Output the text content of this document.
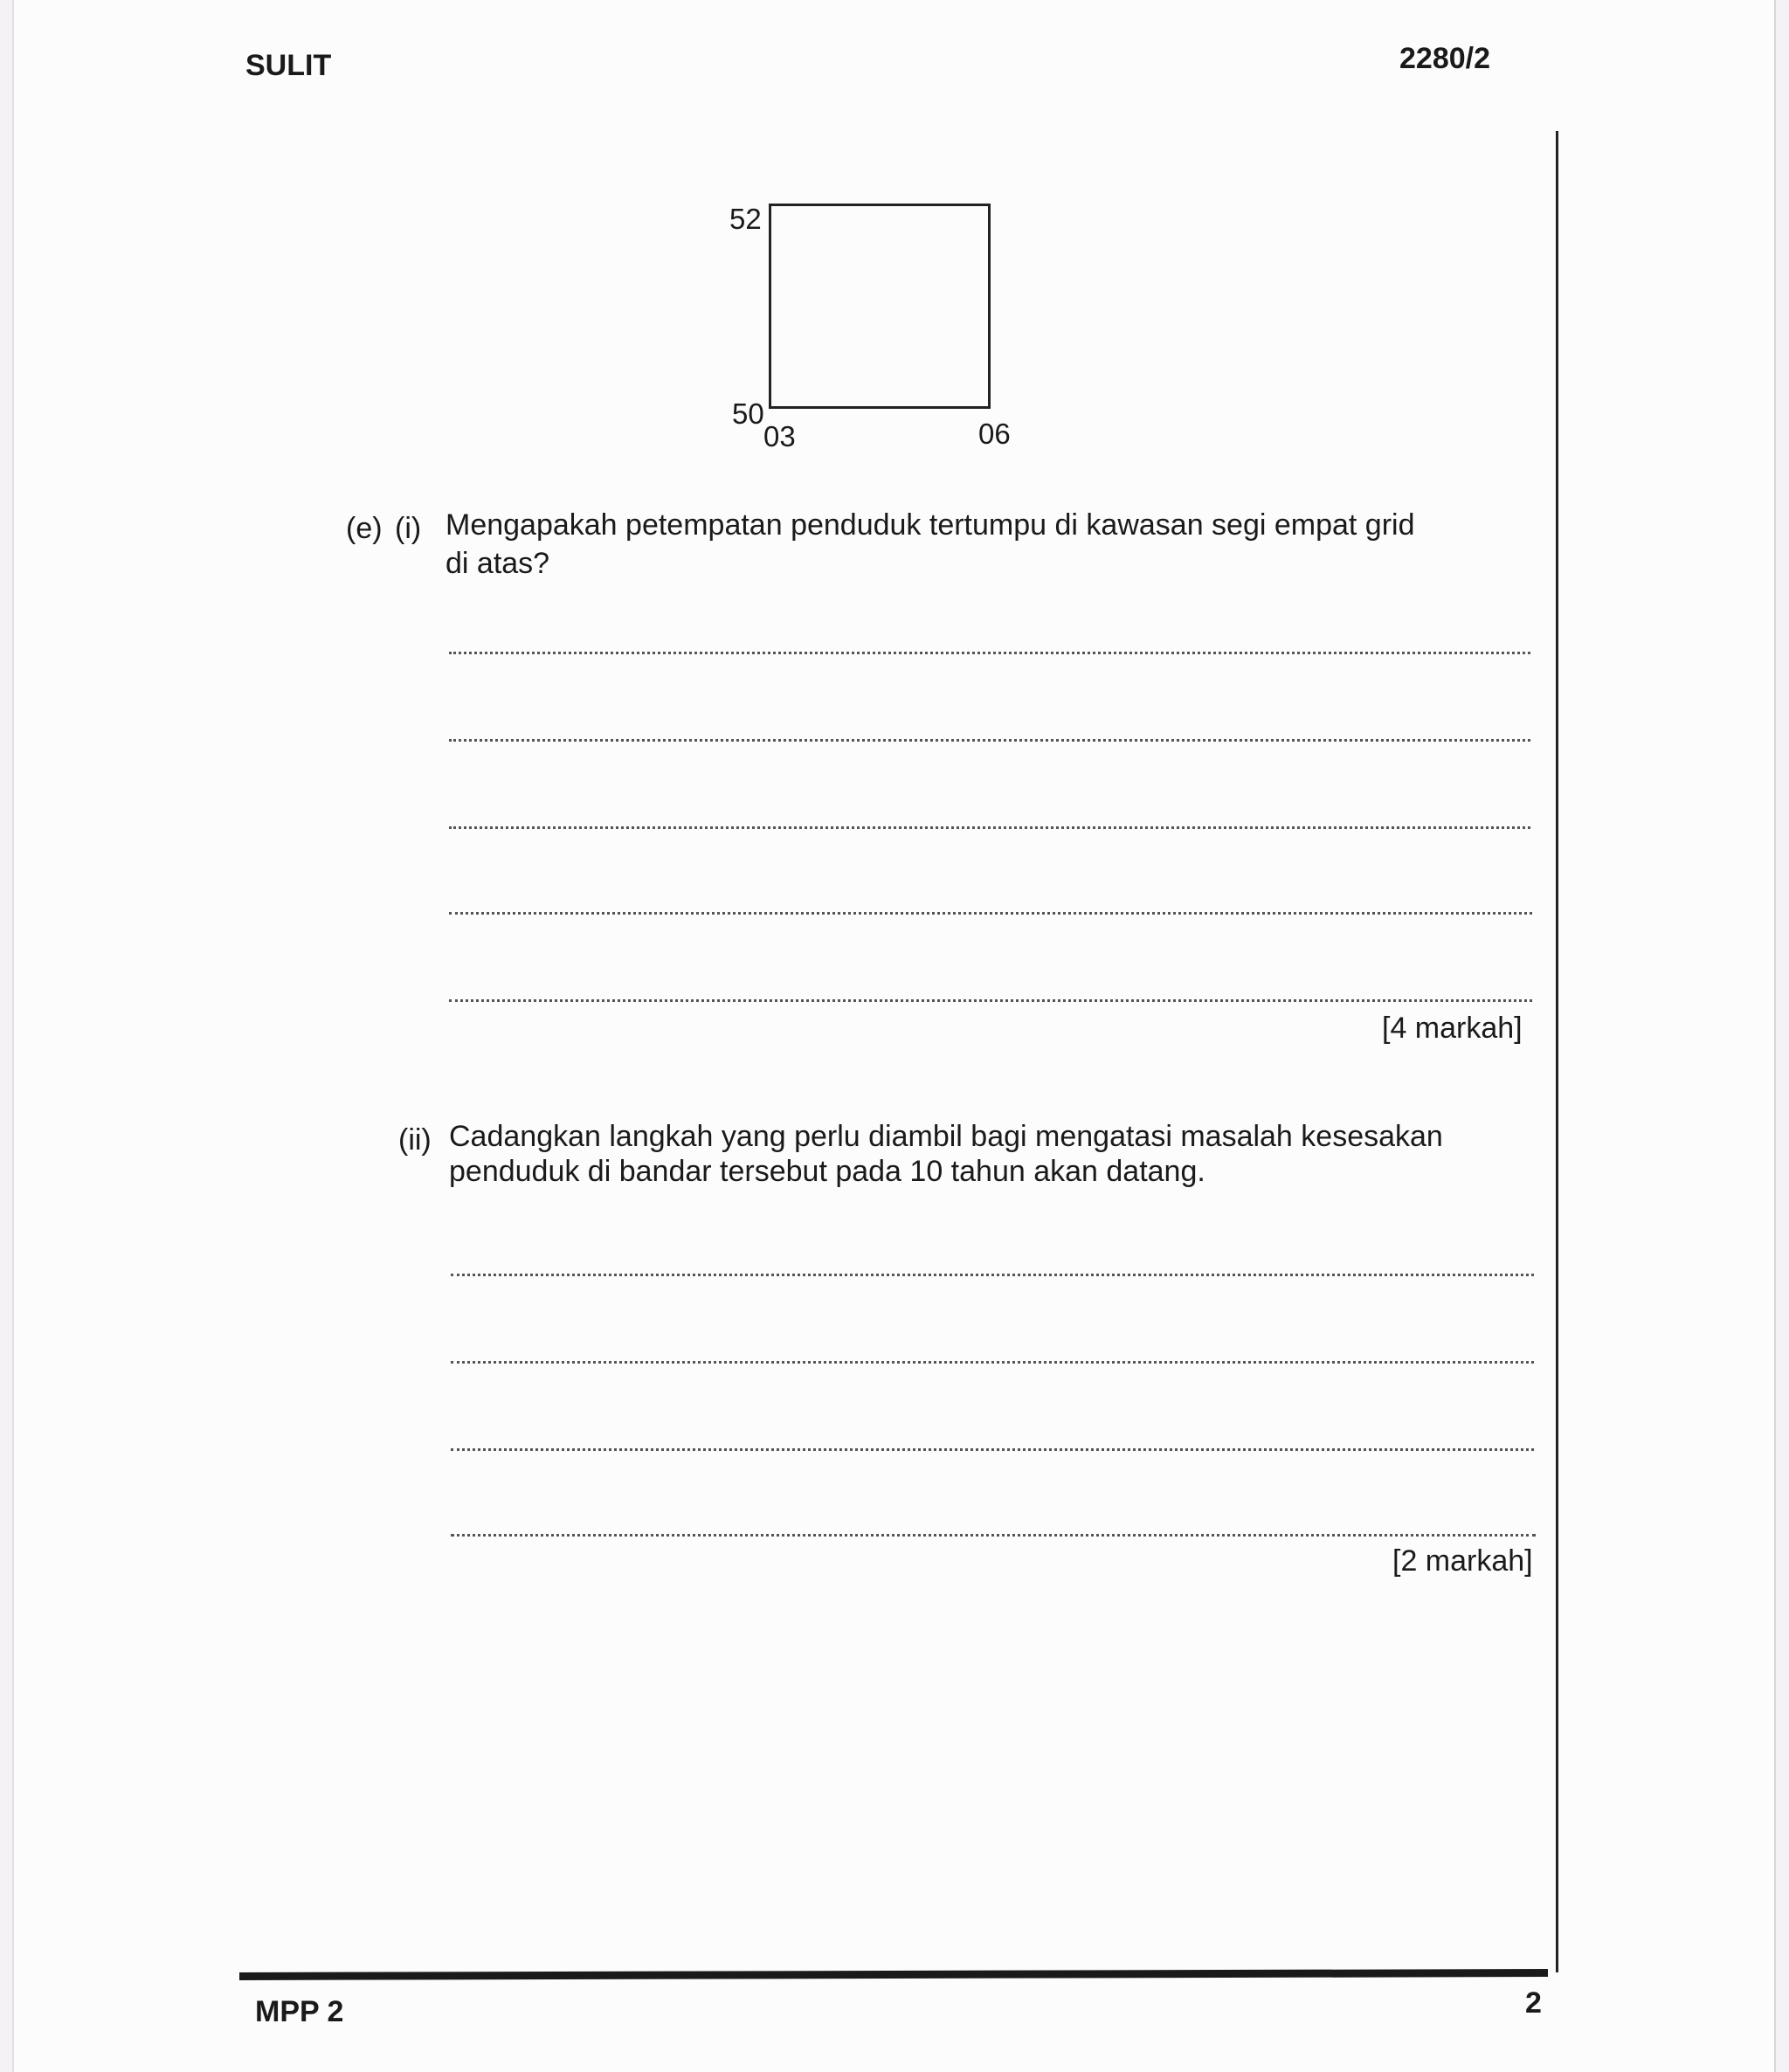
SULIT	2280/2
52
50
03	06
(e) (i) Mengapakah petempatan penduduk tertumpu di kawasan segi empat grid
di atas?
[4 markah]
(ii) Cadangkan langkah yang perlu diambil bagi mengatasi masalah kesesakan
penduduk di bandar tersebut pada 10 tahun akan datang.
[2 markah]
MPP 2	2
